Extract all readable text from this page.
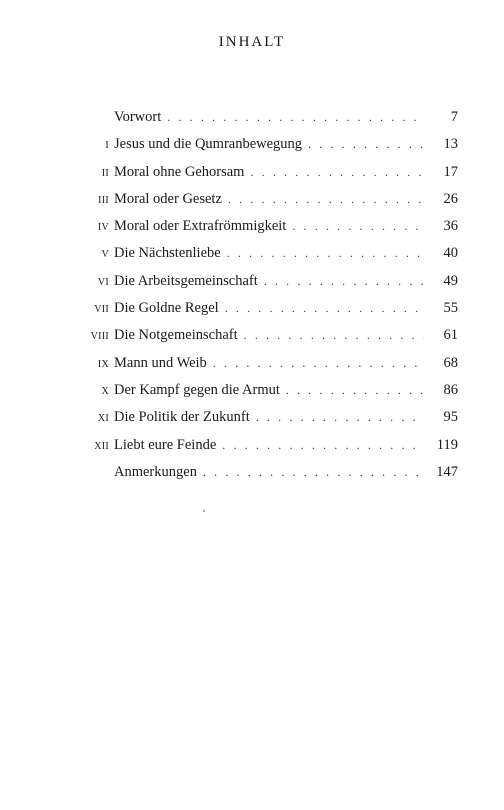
INHALT
Vorwort . . .	7
I Jesus und die Qumranbewegung . . .	13
II Moral ohne Gehorsam . . .	17
III Moral oder Gesetz . . .	26
IV Moral oder Extrafrömmigkeit . . .	36
V Die Nächstenliebe . . .	40
VI Die Arbeitsgemeinschaft . . .	49
VII Die Goldne Regel . . .	55
VIII Die Notgemeinschaft . . .	61
IX Mann und Weib . . .	68
X Der Kampf gegen die Armut . . .	86
XI Die Politik der Zukunft . . .	95
XII Liebt eure Feinde . . .	119
Anmerkungen . . .	147
